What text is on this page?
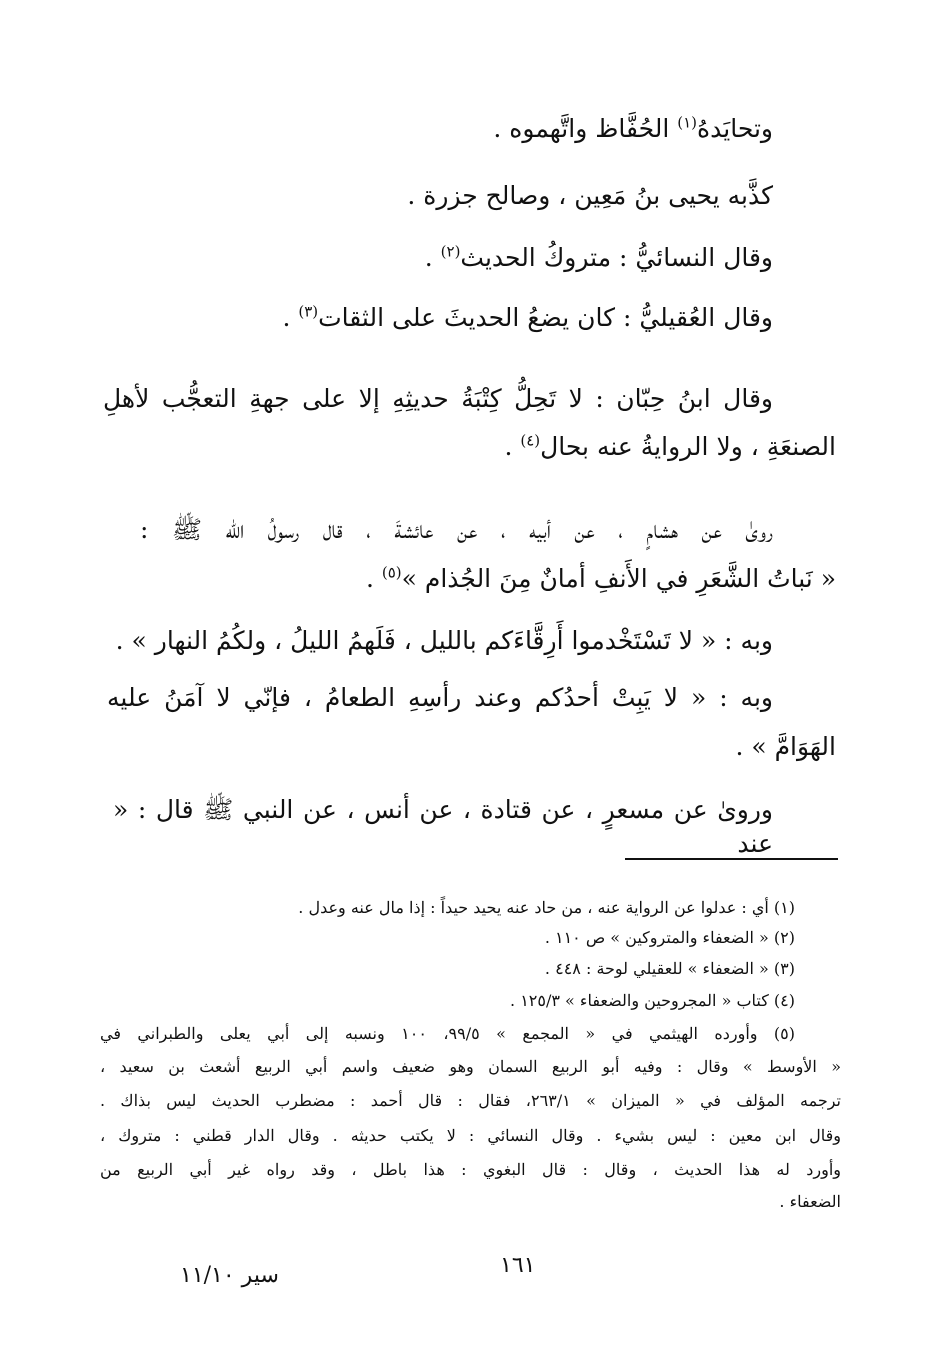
وتحايَدهُ$^{(١)}$ الحُفَّاظ واتَّهموه .
كذَّبه يحيى بنُ مَعِين ، وصالح جزرة .
وقال النسائيُّ : متروكُ الحديث$^{(٢)}$ .
وقال العُقيليُّ : كان يضعُ الحديثَ على الثقات$^{(٣)}$ .
وقال ابنُ حِبّان : لا تَحِلُّ كِتْبَةُ حديثِهِ إلا على جهةِ التعجُّب لأهلِ
الصنعَةِ ، ولا الروايةُ عنه بحال$^{(٤)}$ .
روىٰ عن هشامٍ ، عن أبيه ، عن عائشةَ ، قال رسولُ الله ﷺ :
« نَباتُ الشَّعَرِ في الأَنفِ أمانٌ مِنَ الجُذام »$^{(٥)}$ .
وبه : « لا تَسْتَخْدموا أَرِقَّاءَكم بالليل ، فَلَهمُ الليلُ ، ولكُمُ النهار » .
وبه : « لا يَبِتْ أحدُكم وعند رأسِهِ الطعامُ ، فإنّي لا آمَنُ عليه
الهَوَامَّ » .
وروىٰ عن مسعرٍ ، عن قتادة ، عن أنس ، عن النبي ﷺ قال : « عند
(١) أي : عدلوا عن الرواية عنه ، من حاد عنه يحيد حيداً : إذا مال عنه وعدل .
(٢) « الضعفاء والمتروكين » ص ١١٠ .
(٣) « الضعفاء » للعقيلي لوحة : ٤٤٨ .
(٤) كتاب « المجروحين والضعفاء » ١٢٥/٣ .
(٥) وأورده الهيثمي في « المجمع » ٩٩/٥، ١٠٠ ونسبه إلى أبي يعلى والطبراني في
« الأوسط » وقال : وفيه أبو الربيع السمان وهو ضعيف واسم أبي الربيع أشعث بن سعيد ،
ترجمه المؤلف في « الميزان » ٢٦٣/١، فقال : قال أحمد : مضطرب الحديث ليس بذاك .
وقال ابن معين : ليس بشيء . وقال النسائي : لا يكتب حديثه . وقال الدار قطني : متروك ،
وأورد له هذا الحديث ، وقال : قال البغوي : هذا باطل ، وقد رواه غير أبي الربيع من
الضعفاء .
١٦١
سير ١١/١٠
